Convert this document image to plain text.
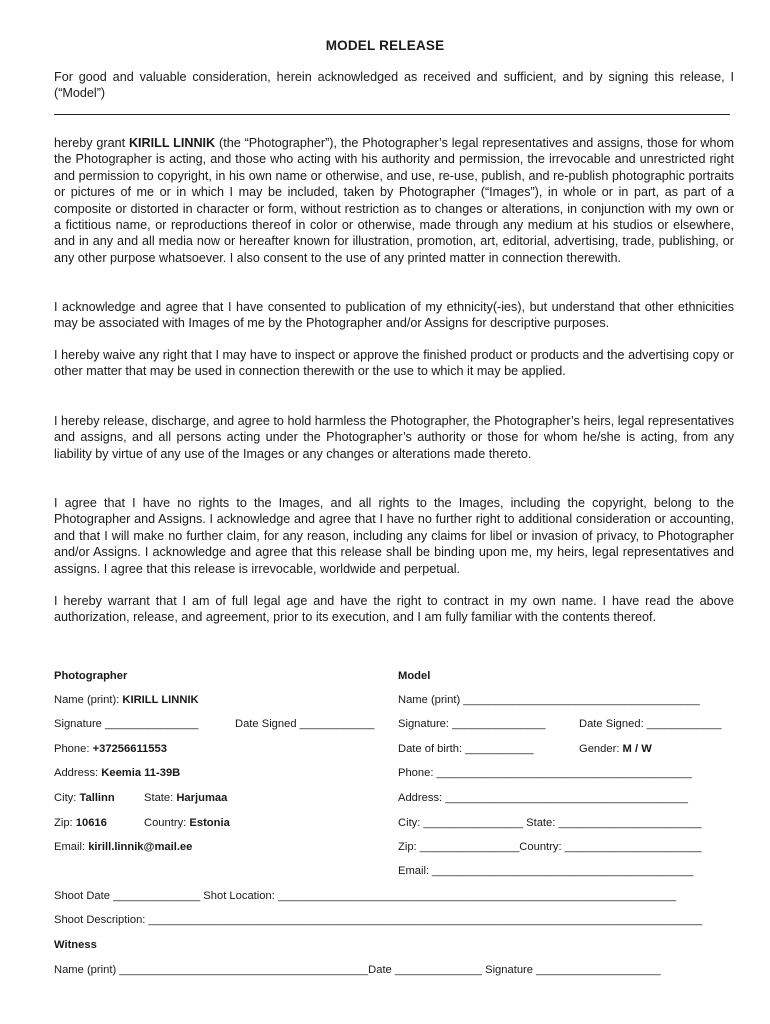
MODEL RELEASE

For good and valuable consideration, herein acknowledged as received and sufficient, and by signing this release, I (“Model”)

hereby grant KIRILL LINNIK (the “Photographer”), the Photographer’s legal representatives and assigns, those for whom the Photographer is acting, and those who acting with his authority and permission, the irrevocable and unrestricted right and permission to copyright, in his own name or otherwise, and use, re-use, publish, and re-publish photographic portraits or pictures of me or in which I may be included, taken by Photographer (“Images”), in whole or in part, as part of a composite or distorted in character or form, without restriction as to changes or alterations, in conjunction with my own or a fictitious name, or reproductions thereof in color or otherwise, made through any medium at his studios or elsewhere, and in any and all media now or hereafter known for illustration, promotion, art, editorial, advertising, trade, publishing, or any other purpose whatsoever. I also consent to the use of any printed matter in connection therewith.

I acknowledge and agree that I have consented to publication of my ethnicity(-ies), but understand that other ethnicities may be associated with Images of me by the Photographer and/or Assigns for descriptive purposes.

I hereby waive any right that I may have to inspect or approve the finished product or products and the advertising copy or other matter that may be used in connection therewith or the use to which it may be applied.

I hereby release, discharge, and agree to hold harmless the Photographer, the Photographer’s heirs, legal representatives and assigns, and all persons acting under the Photographer’s authority or those for whom he/she is acting, from any liability by virtue of any use of the Images or any changes or alterations made thereto.

I agree that I have no rights to the Images, and all rights to the Images, including the copyright, belong to the Photographer and Assigns. I acknowledge and agree that I have no further right to additional consideration or accounting, and that I will make no further claim, for any reason, including any claims for libel or invasion of privacy, to Photographer and/or Assigns. I acknowledge and agree that this release shall be binding upon me, my heirs, legal representatives and assigns. I agree that this release is irrevocable, worldwide and perpetual.

I hereby warrant that I am of full legal age and have the right to contract in my own name. I have read the above authorization, release, and agreement, prior to its execution, and I am fully familiar with the contents thereof.

Photographer
Name (print): KIRILL LINNIK
Signature _______________	Date Signed ____________
Phone: +37256611553
Address: Keemia 11-39B
City: Tallinn	State: Harjumaa
Zip: 10616	Country: Estonia
Email: kirill.linnik@mail.ee
Model
Name (print) ______________________________________
Signature: _______________	Date Signed: ____________
Date of birth: ___________	Gender: M / W
Phone: _________________________________________
Address: _______________________________________
City: ________________ State: _______________________
Zip: ________________Country: ______________________
Email: __________________________________________
Shoot Date ______________ Shot Location: ________________________________________________________________
Shoot Description: _________________________________________________________________________________________
Witness
Name (print) ________________________________________Date ______________ Signature ____________________
